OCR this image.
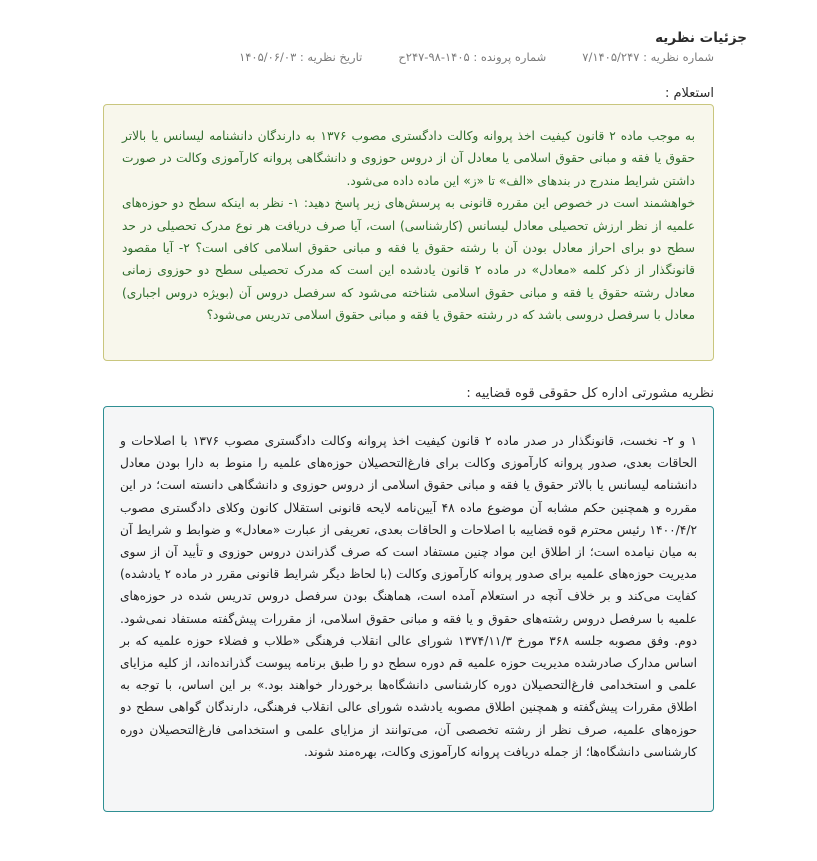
جزئیات نظریه
شماره نظریه : ۷/۱۴۰۵/۲۴۷
شماره پرونده : ۱۴۰۵-۹۸-۲۴۷ح
تاریخ نظریه : ۱۴۰۵/۰۶/۰۳
استعلام :

به موجب ماده ۲ قانون کیفیت اخذ پروانه وکالت دادگستری مصوب ۱۳۷۶ به دارندگان دانشنامه لیسانس یا بالاتر حقوق یا فقه و مبانی حقوق اسلامی یا معادل آن از دروس حوزوی و دانشگاهی پروانه کارآموزی وکالت در صورت داشتن شرایط مندرج در بندهای «الف» تا «ز» این ماده داده می‌شود.
خواهشمند است در خصوص این مقرره قانونی به پرسش‌های زیر پاسخ دهید: ۱- نظر به اینکه سطح دو حوزه‌های علمیه از نظر ارزش تحصیلی معادل لیسانس (کارشناسی) است، آیا صرف دریافت هر نوع مدرک تحصیلی در حد سطح دو برای احراز معادل بودن آن با رشته حقوق یا فقه و مبانی حقوق اسلامی کافی است؟ ۲- آیا مقصود قانونگذار از ذکر کلمه «معادل» در ماده ۲ قانون یادشده این است که مدرک تحصیلی سطح دو حوزوی زمانی معادل رشته حقوق یا فقه و مبانی حقوق اسلامی شناخته می‌شود که سرفصل دروس آن (بویژه دروس اجباری) معادل با سرفصل دروسی باشد که در رشته حقوق یا فقه و مبانی حقوق اسلامی تدریس می‌شود؟

نظریه مشورتی اداره کل حقوقی قوه قضاییه :

۱ و ۲- نخست، قانونگذار در صدر ماده ۲ قانون کیفیت اخذ پروانه وکالت دادگستری مصوب ۱۳۷۶ با اصلاحات و الحاقات بعدی، صدور پروانه کارآموزی وکالت برای فارغ‌التحصیلان حوزه‌های علمیه را منوط به دارا بودن معادل دانشنامه لیسانس یا بالاتر حقوق یا فقه و مبانی حقوق اسلامی از دروس حوزوی و دانشگاهی دانسته است؛ در این مقرره و همچنین حکم مشابه آن موضوع ماده ۴۸ آیین‌نامه لایحه قانونی استقلال کانون وکلای دادگستری مصوب ۱۴۰۰/۴/۲ رئیس محترم قوه قضاییه با اصلاحات و الحاقات بعدی، تعریفی از عبارت «معادل» و ضوابط و شرایط آن به میان نیامده است؛ از اطلاق این مواد چنین مستفاد است که صرف گذراندن دروس حوزوی و تأیید آن از سوی مدیریت حوزه‌های علمیه برای صدور پروانه کارآموزی وکالت (با لحاظ دیگر شرایط قانونی مقرر در ماده ۲ یادشده) کفایت می‌کند و بر خلاف آنچه در استعلام آمده است، هماهنگ بودن سرفصل دروس تدریس شده در حوزه‌های علمیه با سرفصل دروس رشته‌های حقوق و یا فقه و مبانی حقوق اسلامی، از مقررات پیش‌گفته مستفاد نمی‌شود. دوم. وفق مصوبه جلسه ۳۶۸ مورخ ۱۳۷۴/۱۱/۳ شورای عالی انقلاب فرهنگی «طلاب و فضلاء حوزه علمیه که بر اساس مدارک صادرشده مدیریت حوزه علمیه قم دوره سطح دو را طبق برنامه پیوست گذرانده‌اند، از کلیه مزایای علمی و استخدامی فارغ‌التحصیلان دوره کارشناسی دانشگاه‌ها برخوردار خواهند بود.» بر این اساس، با توجه به اطلاق مقررات پیش‌گفته و همچنین اطلاق مصوبه یادشده شورای عالی انقلاب فرهنگی، دارندگان گواهی سطح دو حوزه‌های علمیه، صرف نظر از رشته تخصصی آن، می‌توانند از مزایای علمی و استخدامی فارغ‌التحصیلان دوره کارشناسی دانشگاه‌ها؛ از جمله دریافت پروانه کارآموزی وکالت، بهره‌مند شوند.
